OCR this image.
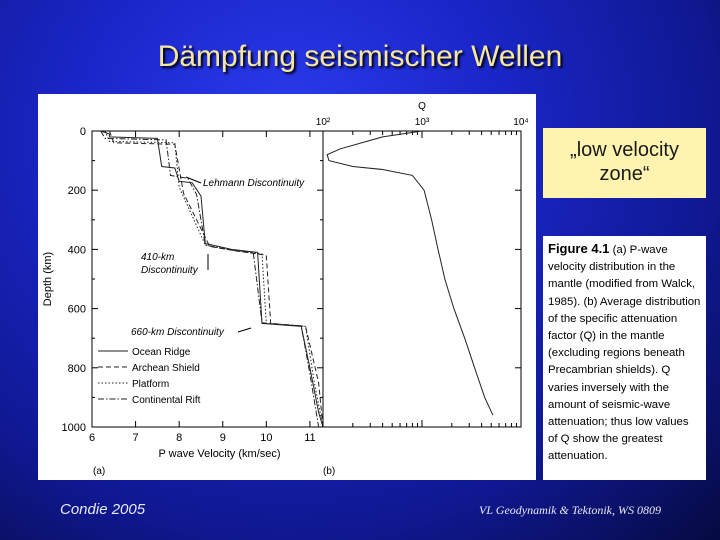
Dämpfung seismischer Wellen
0
200
400
600
800
1000
6	7	8	9	10	11
Lehmann Discontinuity
410-km
Discontinuity
660-km Discontinuity
Ocean Ridge
Archean Shield
Platform
Continental Rift
Depth (km)
P wave Velocity (km/sec)
(a)
10²	10³	10⁴
Q
(b)
„low velocity zone“
Figure 4.1 (a) P-wave velocity distribution in the mantle (modified from Walck, 1985). (b) Average distribution of the specific attenuation factor (Q) in the mantle (excluding regions beneath Precambrian shields). Q varies inversely with the amount of seismic-wave attenuation; thus low values of Q show the greatest attenuation.
Condie 2005	VL Geodynamik & Tektonik, WS 0809
